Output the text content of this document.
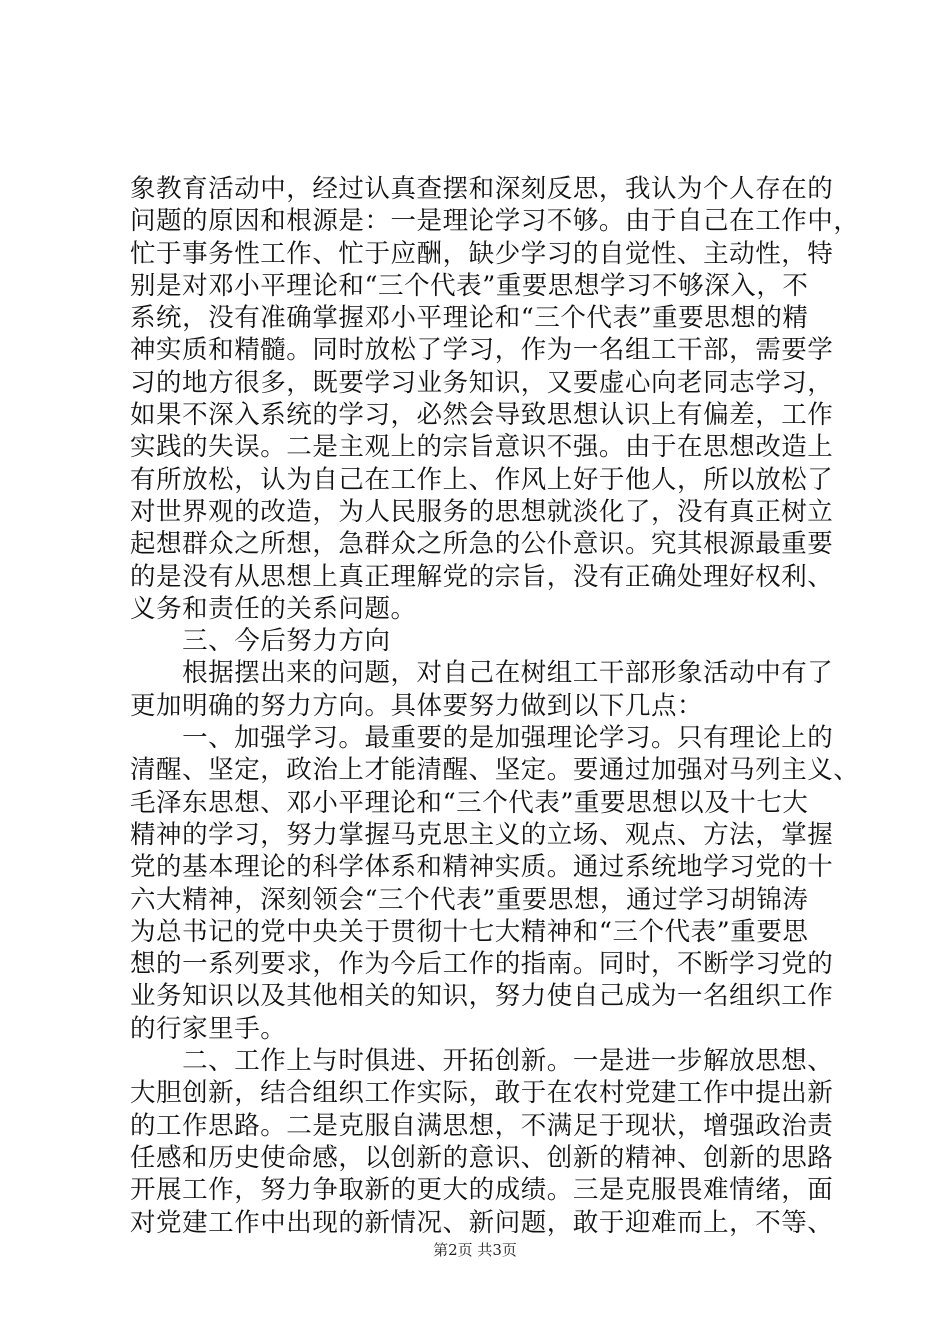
象教育活动中，经过认真查摆和深刻反思，我认为个人存在的
问题的原因和根源是：一是理论学习不够。由于自己在工作中，
忙于事务性工作、忙于应酬，缺少学习的自觉性、主动性，特
别是对邓小平理论和“三个代表”重要思想学习不够深入，不
系统，没有准确掌握邓小平理论和“三个代表”重要思想的精
神实质和精髓。同时放松了学习，作为一名组工干部，需要学
习的地方很多，既要学习业务知识，又要虚心向老同志学习，
如果不深入系统的学习，必然会导致思想认识上有偏差，工作
实践的失误。二是主观上的宗旨意识不强。由于在思想改造上
有所放松，认为自己在工作上、作风上好于他人，所以放松了
对世界观的改造，为人民服务的思想就淡化了，没有真正树立
起想群众之所想，急群众之所急的公仆意识。究其根源最重要
的是没有从思想上真正理解党的宗旨，没有正确处理好权利、
义务和责任的关系问题。
　　三、今后努力方向
　　根据摆出来的问题，对自己在树组工干部形象活动中有了
更加明确的努力方向。具体要努力做到以下几点：
　　一、加强学习。最重要的是加强理论学习。只有理论上的
清醒、坚定，政治上才能清醒、坚定。要通过加强对马列主义、
毛泽东思想、邓小平理论和“三个代表”重要思想以及十七大
精神的学习，努力掌握马克思主义的立场、观点、方法，掌握
党的基本理论的科学体系和精神实质。通过系统地学习党的十
六大精神，深刻领会“三个代表”重要思想，通过学习胡锦涛
为总书记的党中央关于贯彻十七大精神和“三个代表”重要思
想的一系列要求，作为今后工作的指南。同时，不断学习党的
业务知识以及其他相关的知识，努力使自己成为一名组织工作
的行家里手。
　　二、工作上与时俱进、开拓创新。一是进一步解放思想、
大胆创新，结合组织工作实际，敢于在农村党建工作中提出新
的工作思路。二是克服自满思想，不满足于现状，增强政治责
任感和历史使命感，以创新的意识、创新的精神、创新的思路
开展工作，努力争取新的更大的成绩。三是克服畏难情绪，面
对党建工作中出现的新情况、新问题，敢于迎难而上，不等、
第2页 共3页
